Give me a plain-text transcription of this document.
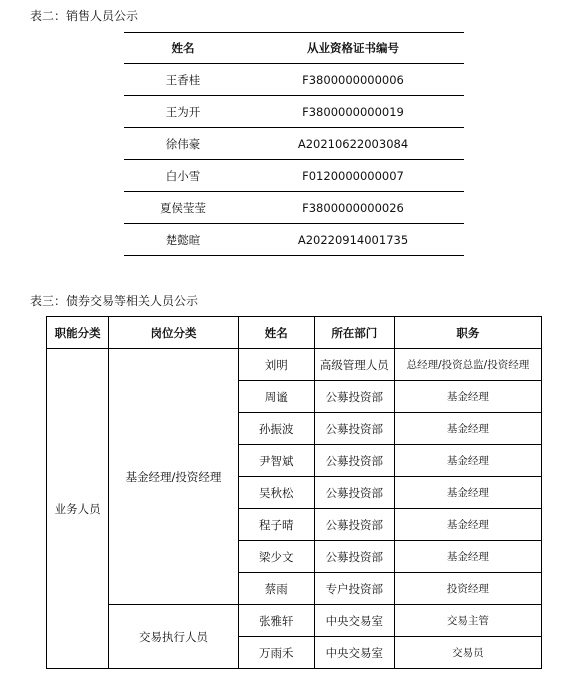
表二：销售人员公示
姓名	从业资格证书编号
王香桂	F3800000000006
王为开	F3800000000019
徐伟豪	A20210622003084
白小雪	F0120000000007
夏侯莹莹	F3800000000026
楚懿暄	A20220914001735
表三：债券交易等相关人员公示
职能分类	岗位分类	姓名	所在部门	职务
业务人员	基金经理/投资经理	刘明	高级管理人员	总经理/投资总监/投资经理
		周谧	公募投资部	基金经理
		孙振波	公募投资部	基金经理
		尹智斌	公募投资部	基金经理
		吴秋松	公募投资部	基金经理
		程子晴	公募投资部	基金经理
		梁少文	公募投资部	基金经理
		蔡雨	专户投资部	投资经理
	交易执行人员	张雅轩	中央交易室	交易主管
		万雨禾	中央交易室	交易员
